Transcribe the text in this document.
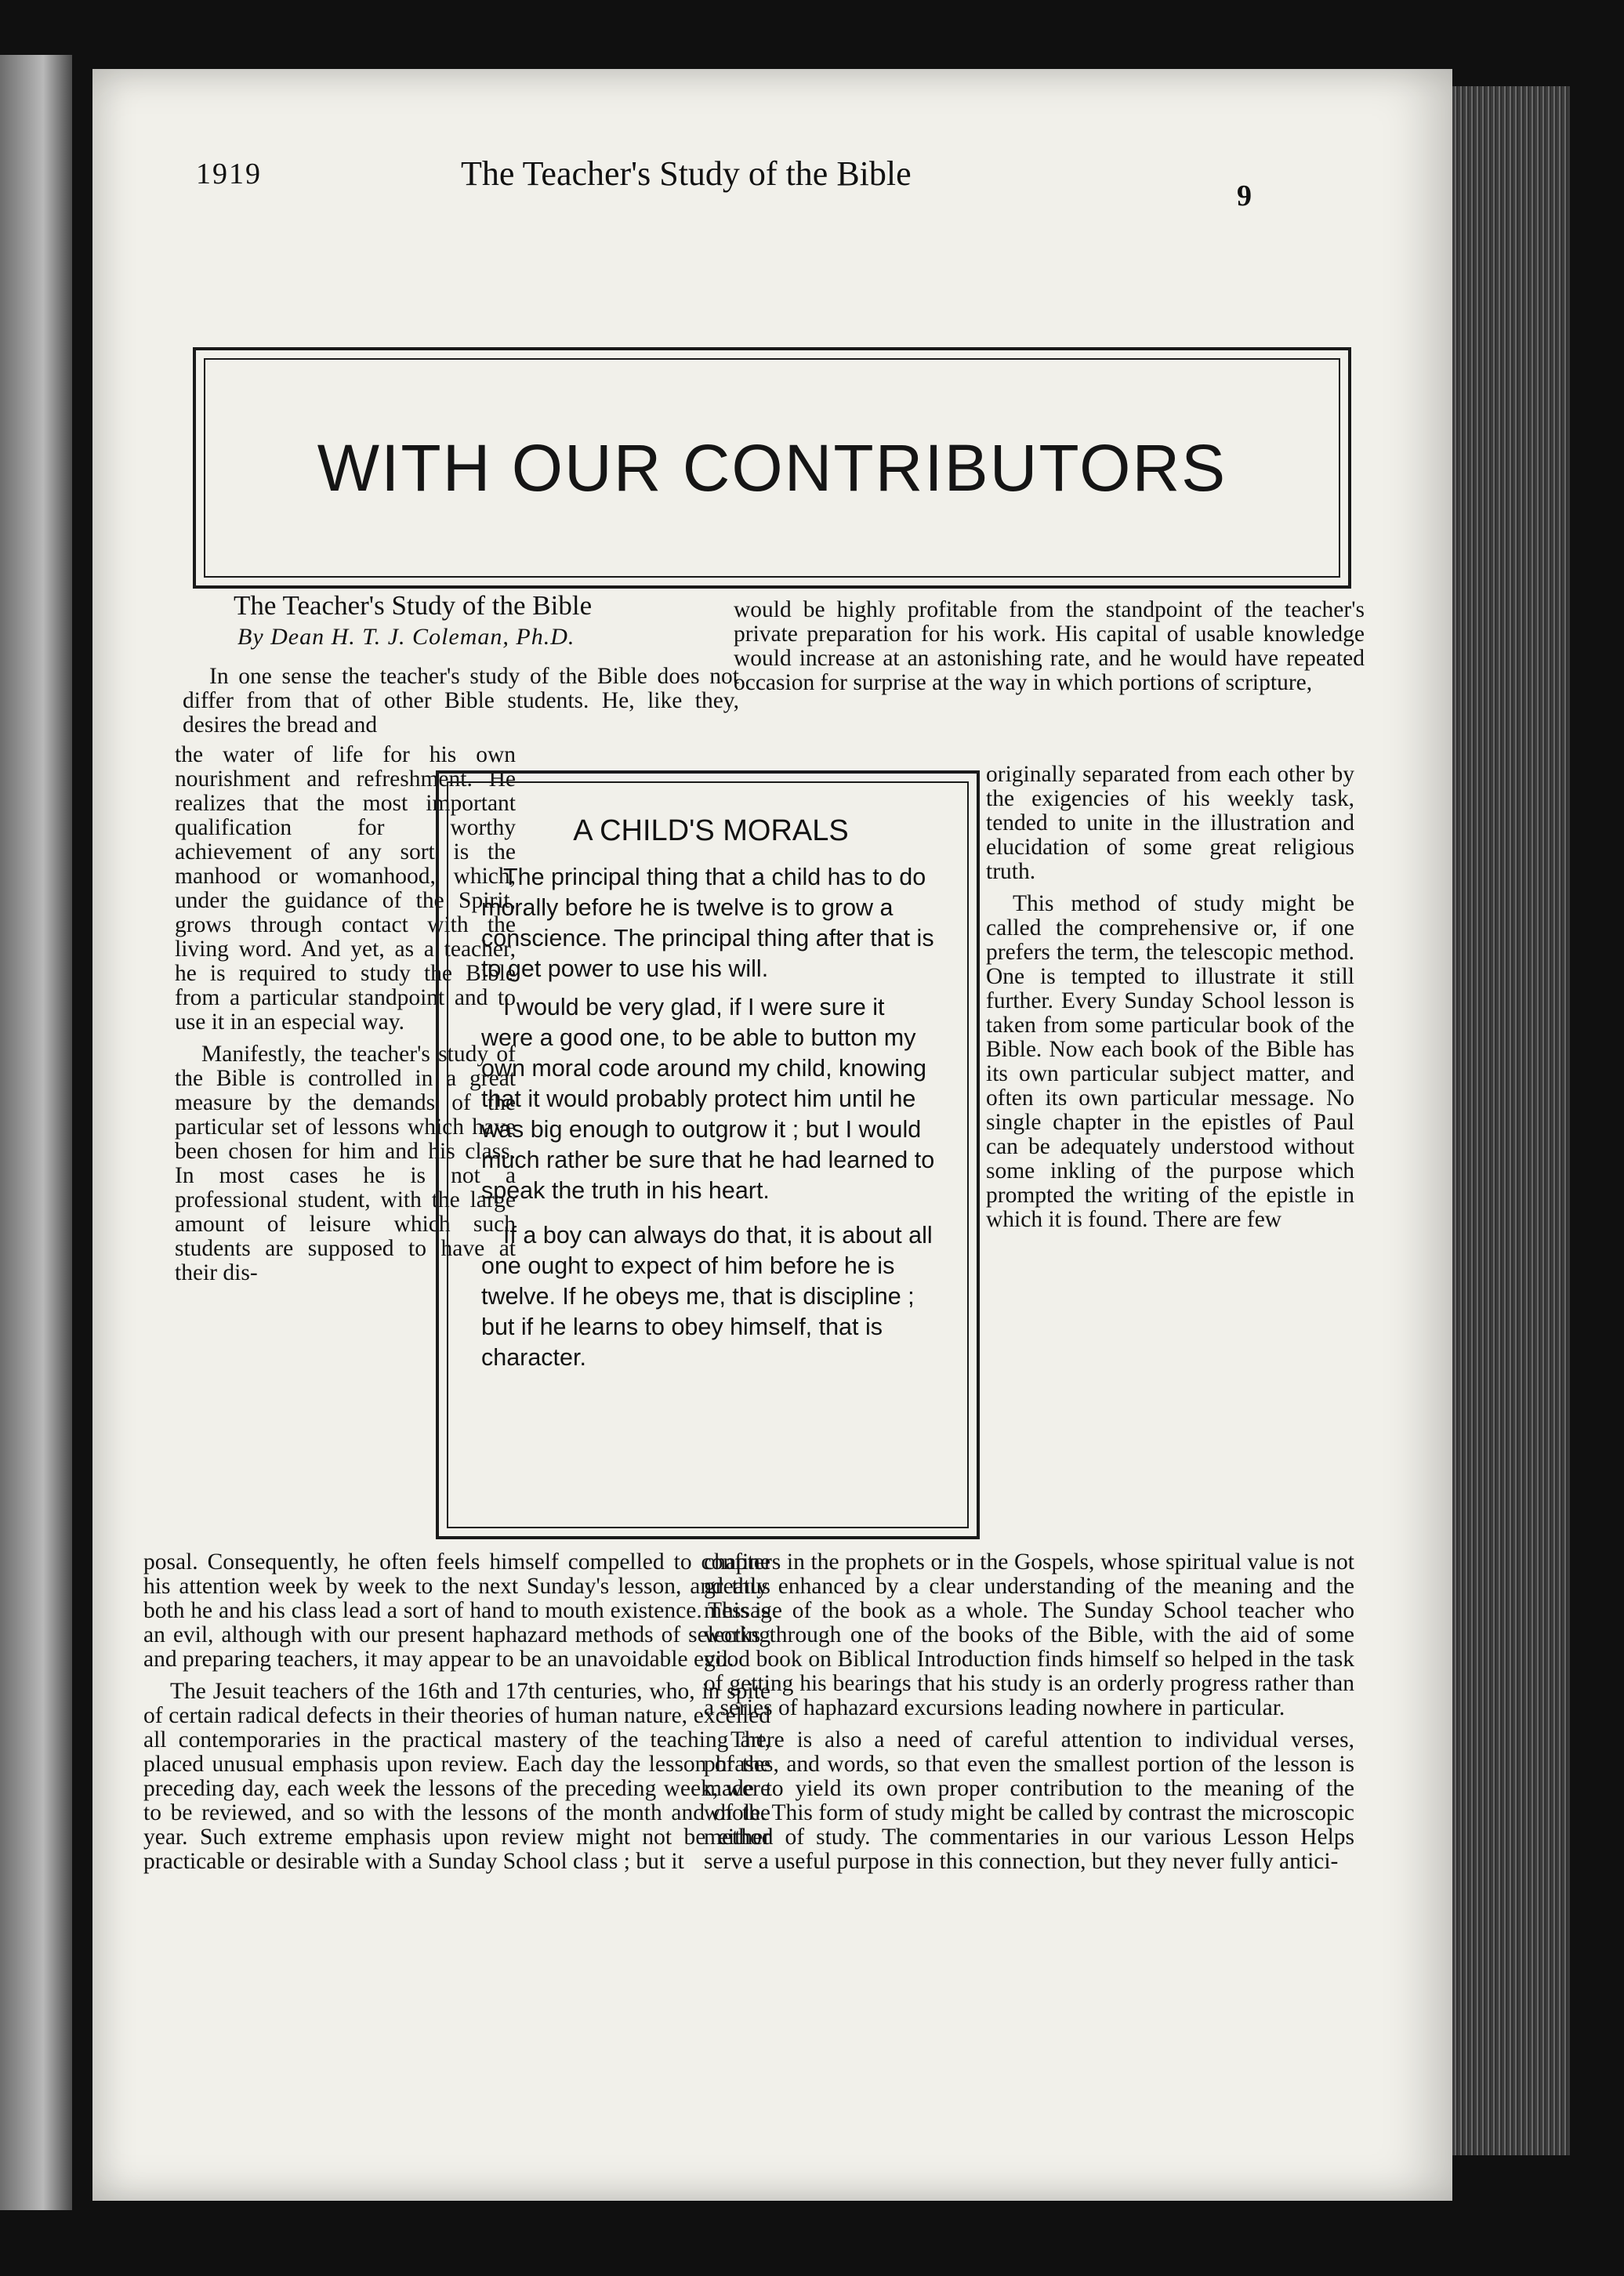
1919	The Teacher's Study of the Bible
9
WITH OUR CONTRIBUTORS
The Teacher's Study of the Bible
By Dean H. T. J. Coleman, Ph.D.

In one sense the teacher's study of the Bible does not differ from that of other Bible students. He, like they, desires the bread and

the water of life for his own nourishment and refreshment. He realizes that the most important qualification for worthy achievement of any sort is the manhood or womanhood, which, under the guidance of the Spirit, grows through contact with the living word. And yet, as a teacher, he is required to study the Bible from a particular standpoint and to use it in an especial way.

Manifestly, the teacher's study of the Bible is controlled in a great measure by the demands of the particular set of lessons which have been chosen for him and his class. In most cases he is not a professional student, with the large amount of leisure which such students are supposed to have at their dis-

posal. Consequently, he often feels himself compelled to confine his attention week by week to the next Sunday's lesson, and thus both he and his class lead a sort of hand to mouth existence. This is an evil, although with our present haphazard methods of selecting and preparing teachers, it may appear to be an unavoidable evil.

The Jesuit teachers of the 16th and 17th centuries, who, in spite of certain radical defects in their theories of human nature, excelled all contemporaries in the practical mastery of the teaching art, placed unusual emphasis upon review. Each day the lesson of the preceding day, each week the lessons of the preceding week, were to be reviewed, and so with the lessons of the month and of the year. Such extreme emphasis upon review might not be either practicable or desirable with a Sunday School class ; but it

would be highly profitable from the standpoint of the teacher's private preparation for his work. His capital of usable knowledge would increase at an astonishing rate, and he would have repeated occasion for surprise at the way in which portions of scripture,

originally separated from each other by the exigencies of his weekly task, tended to unite in the illustration and elucidation of some great religious truth.

This method of study might be called the comprehensive or, if one prefers the term, the telescopic method. One is tempted to illustrate it still further. Every Sunday School lesson is taken from some particular book of the Bible. Now each book of the Bible has its own particular subject matter, and often its own particular message. No single chapter in the epistles of Paul can be adequately understood without some inkling of the purpose which prompted the writing of the epistle in which it is found. There are few

chapters in the prophets or in the Gospels, whose spiritual value is not greatly enhanced by a clear understanding of the meaning and the message of the book as a whole. The Sunday School teacher who works through one of the books of the Bible, with the aid of some good book on Biblical Introduction finds himself so helped in the task of getting his bearings that his study is an orderly progress rather than a series of haphazard excursions leading nowhere in particular.

There is also a need of careful attention to individual verses, phrases, and words, so that even the smallest portion of the lesson is made to yield its own proper contribution to the meaning of the whole. This form of study might be called by contrast the microscopic method of study. The commentaries in our various Lesson Helps serve a useful purpose in this connection, but they never fully antici-

A CHILD'S MORALS

The principal thing that a child has to do morally before he is twelve is to grow a conscience. The principal thing after that is to get power to use his will.

I would be very glad, if I were sure it were a good one, to be able to button my own moral code around my child, knowing that it would probably protect him until he was big enough to outgrow it ; but I would much rather be sure that he had learned to speak the truth in his heart.

If a boy can always do that, it is about all one ought to expect of him before he is twelve. If he obeys me, that is discipline ; but if he learns to obey himself, that is character.
